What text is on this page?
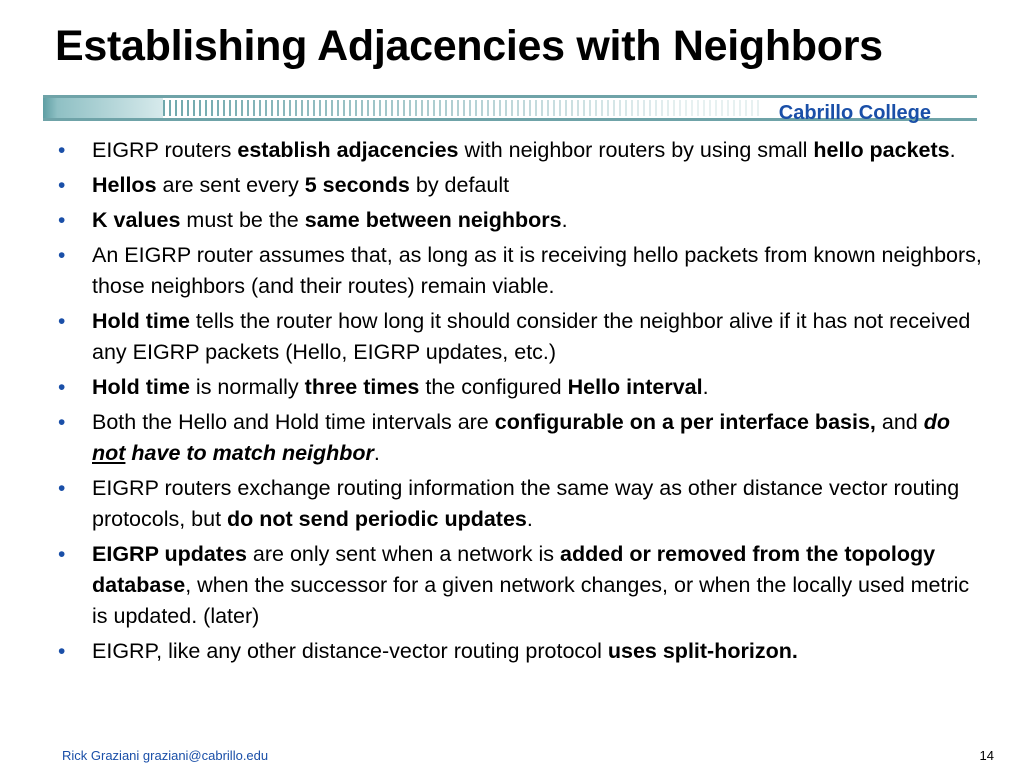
Establishing Adjacencies with Neighbors
Cabrillo College
• EIGRP routers establish adjacencies with neighbor routers by using small hello packets.
• Hellos are sent every 5 seconds by default
• K values must be the same between neighbors.
• An EIGRP router assumes that, as long as it is receiving hello packets from known neighbors, those neighbors (and their routes) remain viable.
• Hold time tells the router how long it should consider the neighbor alive if it has not received any EIGRP packets (Hello, EIGRP updates, etc.)
• Hold time is normally three times the configured Hello interval.
• Both the Hello and Hold time intervals are configurable on a per interface basis, and do not have to match neighbor.
• EIGRP routers exchange routing information the same way as other distance vector routing protocols, but do not send periodic updates.
• EIGRP updates are only sent when a network is added or removed from the topology database, when the successor for a given network changes, or when the locally used metric is updated. (later)
• EIGRP, like any other distance-vector routing protocol uses split-horizon.
Rick Graziani graziani@cabrillo.edu	14
